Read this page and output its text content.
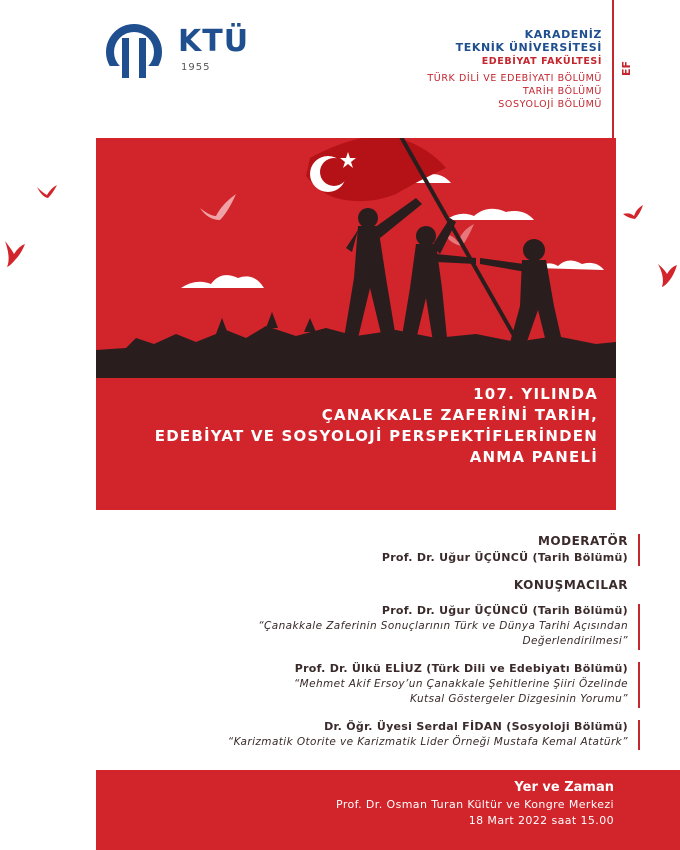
KTÜ
1955
KARADENİZ
TEKNİK ÜNİVERSİTESİ
EDEBİYAT FAKÜLTESİ
TÜRK DİLİ VE EDEBİYATI BÖLÜMÜ
TARİH BÖLÜMÜ
SOSYOLOJİ BÖLÜMÜ
EF
107. YILINDA
ÇANAKKALE ZAFERİNİ TARİH,
EDEBİYAT VE SOSYOLOJİ PERSPEKTİFLERİNDEN
ANMA PANELİ
MODERATÖR
Prof. Dr. Uğur ÜÇÜNCÜ (Tarih Bölümü)
KONUŞMACILAR
Prof. Dr. Uğur ÜÇÜNCÜ (Tarih Bölümü)
“Çanakkale Zaferinin Sonuçlarının Türk ve Dünya Tarihi Açısından
Değerlendirilmesi”
Prof. Dr. Ülkü ELİUZ (Türk Dili ve Edebiyatı Bölümü)
“Mehmet Akif Ersoy’un Çanakkale Şehitlerine Şiiri Özelinde
Kutsal Göstergeler Dizgesinin Yorumu”
Dr. Öğr. Üyesi Serdal FİDAN (Sosyoloji Bölümü)
“Karizmatik Otorite ve Karizmatik Lider Örneği Mustafa Kemal Atatürk”
Yer ve Zaman
Prof. Dr. Osman Turan Kültür ve Kongre Merkezi
18 Mart 2022 saat 15.00
